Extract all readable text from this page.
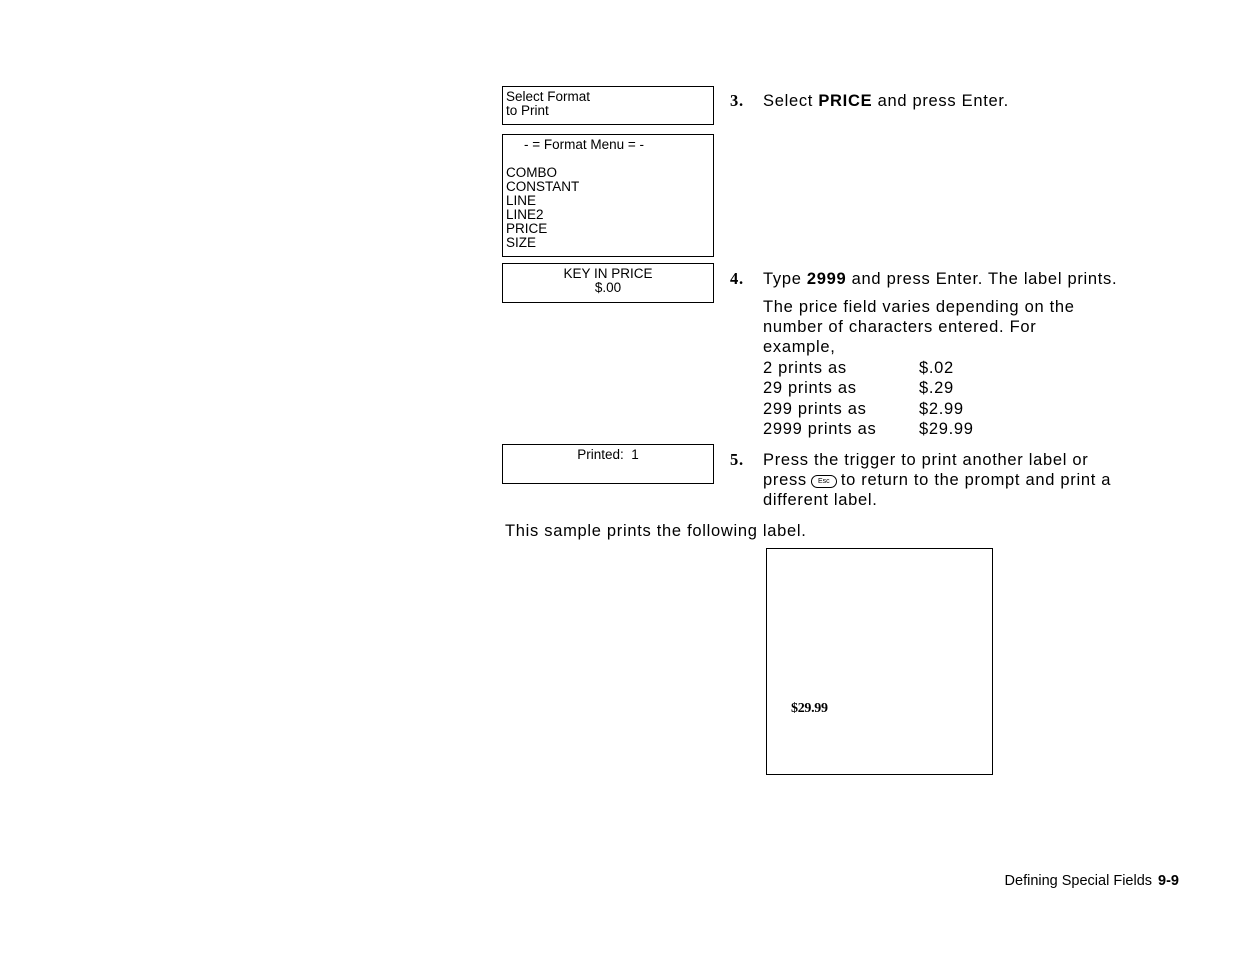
Select Format
to Print
- = Format Menu = -

COMBO
CONSTANT
LINE
LINE2
PRICE
SIZE
KEY IN PRICE
$.00
Printed:  1
3. Select PRICE and press Enter.
4. Type 2999 and press Enter. The label prints.
The price field varies depending on the
number of characters entered. For
example,
2 prints as	$.02
29 prints as	$.29
299 prints as	$2.99
2999 prints as	$29.99
5. Press the trigger to print another label or
press Esc to return to the prompt and print a
different label.
This sample prints the following label.
$29.99
Defining Special Fields 9-9
